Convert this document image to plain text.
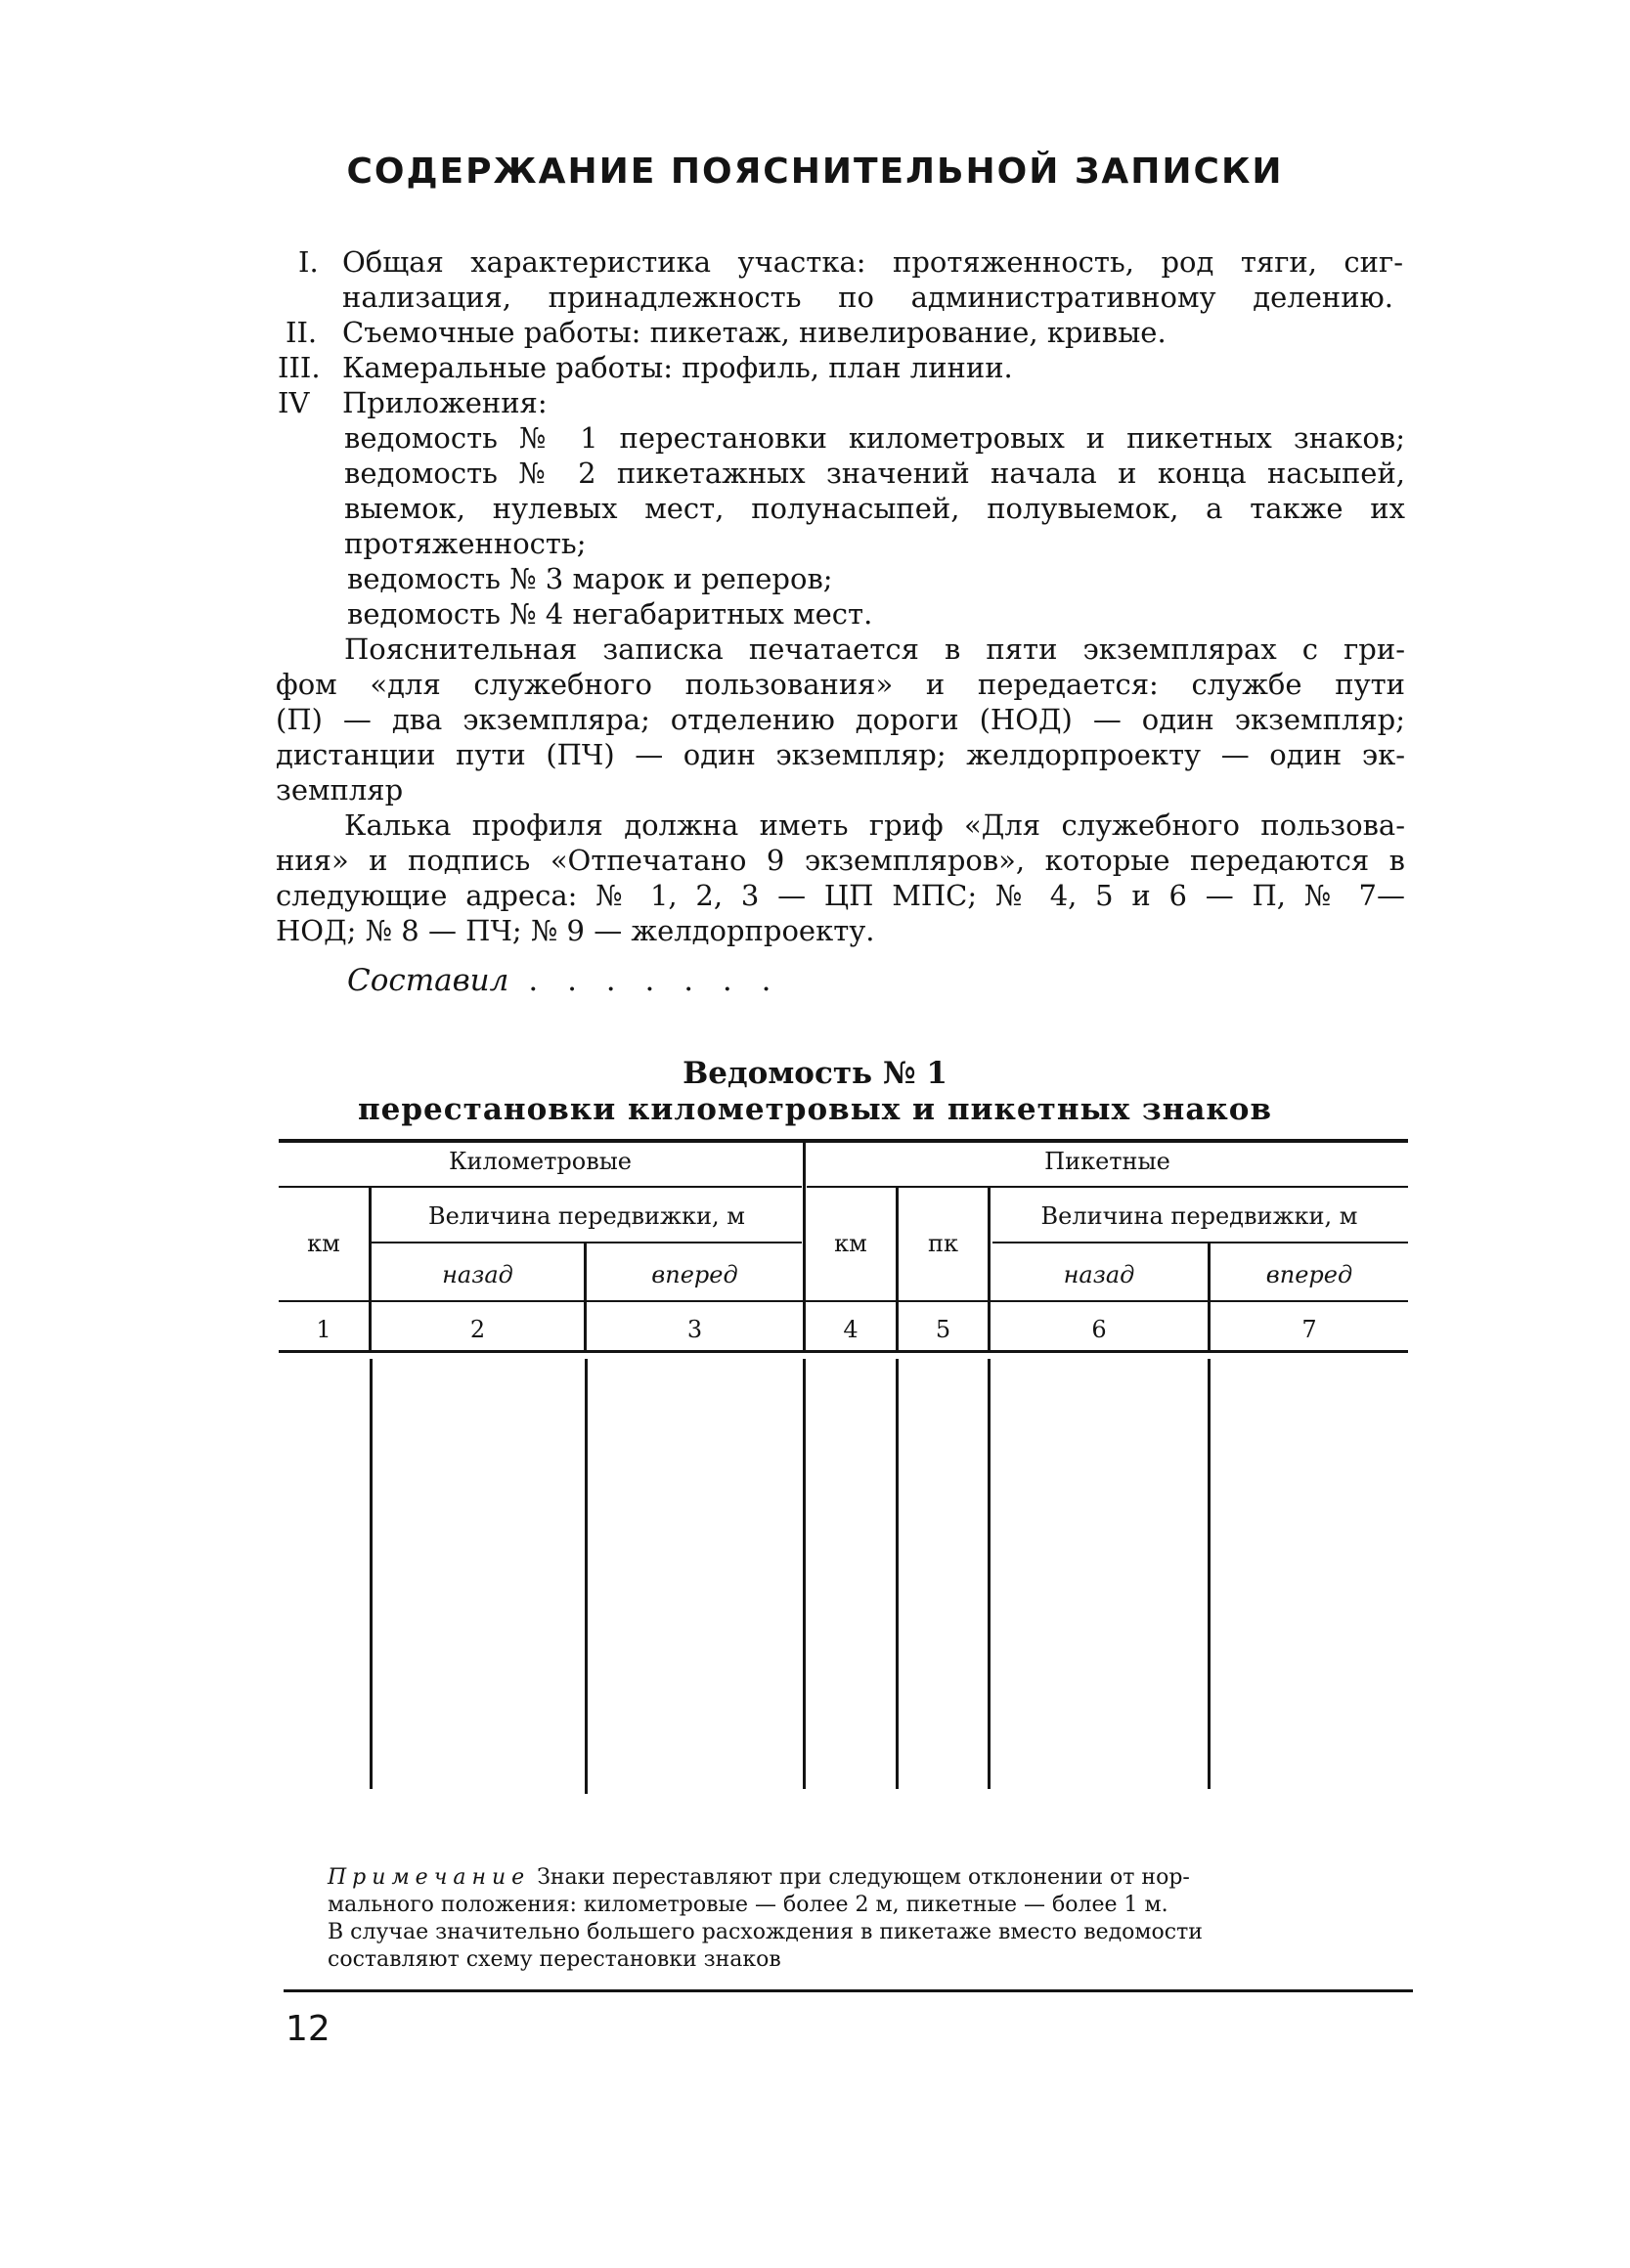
СОДЕРЖАНИЕ ПОЯСНИТЕЛЬНОЙ ЗАПИСКИ
I. Общая характеристика участка: протяженность, род тяги, сиг-
нализация, принадлежность по административному делению.
II. Съемочные работы: пикетаж, нивелирование, кривые.
III. Камеральные работы: профиль, план линии.
IV Приложения:
ведомость № 1 перестановки километровых и пикетных знаков;
ведомость № 2 пикетажных значений начала и конца насыпей,
выемок, нулевых мест, полунасыпей, полувыемок, а также их
протяженность;
ведомость № 3 марок и реперов;
ведомость № 4 негабаритных мест.
Пояснительная записка печатается в пяти экземплярах с гри-
фом «для служебного пользования» и передается: службе пути
(П) — два экземпляра; отделению дороги (НОД) — один экземпляр;
дистанции пути (ПЧ) — один экземпляр; желдорпроекту — один эк-
земпляр
Калька профиля должна иметь гриф «Для служебного пользова-
ния» и подпись «Отпечатано 9 экземпляров», которые передаются в
следующие адреса: № 1, 2, 3 — ЦП МПС; № 4, 5 и 6 — П, № 7—
НОД; № 8 — ПЧ; № 9 — желдорпроекту.
Составил . . . . . . .
Ведомость № 1
перестановки километровых и пикетных знаков
Километровые	Пикетные
км
Величина передвижки, м
назад	вперед
км	пк
Величина передвижки, м
назад	вперед
1	2	3	4	5	6	7
Примечание Знаки переставляют при следующем отклонении от нор-
мального положения: километровые — более 2 м, пикетные — более 1 м.
В случае значительно большего расхождения в пикетаже вместо ведомости
составляют схему перестановки знаков
12
